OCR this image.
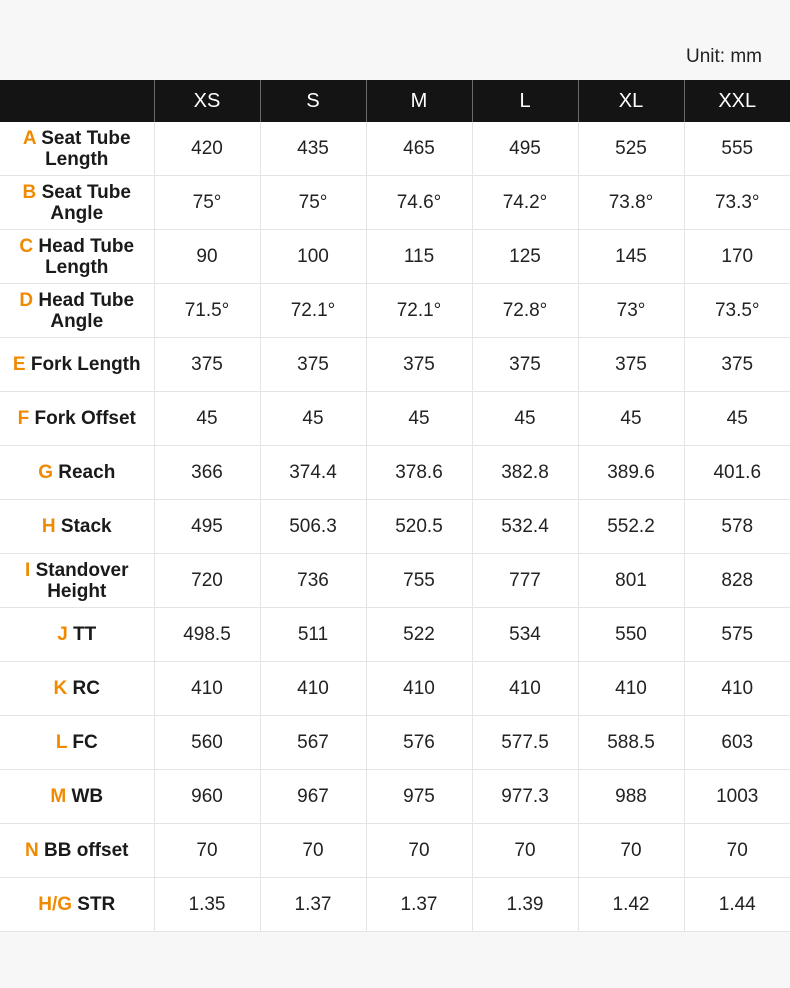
Unit: mm
	XS	S	M	L	XL	XXL
A Seat Tube Length	420	435	465	495	525	555
B Seat Tube Angle	75°	75°	74.6°	74.2°	73.8°	73.3°
C Head Tube Length	90	100	115	125	145	170
D Head Tube Angle	71.5°	72.1°	72.1°	72.8°	73°	73.5°
E Fork Length	375	375	375	375	375	375
F Fork Offset	45	45	45	45	45	45
G Reach	366	374.4	378.6	382.8	389.6	401.6
H Stack	495	506.3	520.5	532.4	552.2	578
I Standover Height	720	736	755	777	801	828
J TT	498.5	511	522	534	550	575
K RC	410	410	410	410	410	410
L FC	560	567	576	577.5	588.5	603
M WB	960	967	975	977.3	988	1003
N BB offset	70	70	70	70	70	70
H/G STR	1.35	1.37	1.37	1.39	1.42	1.44
